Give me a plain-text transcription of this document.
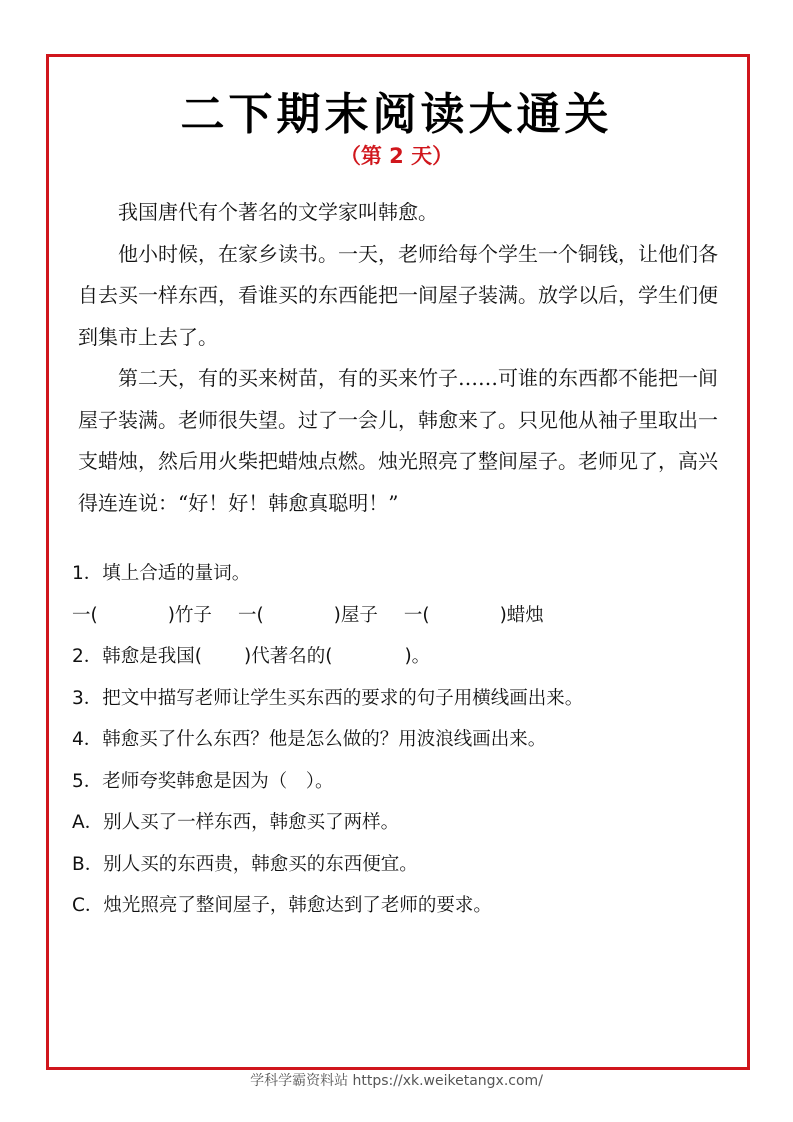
二下期末阅读大通关
（第 2 天）

我国唐代有个著名的文学家叫韩愈。

他小时候，在家乡读书。一天，老师给每个学生一个铜钱，让他们各自去买一样东西，看谁买的东西能把一间屋子装满。放学以后，学生们便到集市上去了。

第二天，有的买来树苗，有的买来竹子……可谁的东西都不能把一间屋子装满。老师很失望。过了一会儿，韩愈来了。只见他从袖子里取出一支蜡烛，然后用火柴把蜡烛点燃。烛光照亮了整间屋子。老师见了，高兴得连连说：“好！好！韩愈真聪明！”

1．填上合适的量词。
一(	)竹子 一(	)屋子 一(	)蜡烛
2．韩愈是我国( )代著名的(	)。
3．把文中描写老师让学生买东西的要求的句子用横线画出来。
4．韩愈买了什么东西？他是怎么做的？用波浪线画出来。
5．老师夸奖韩愈是因为（　）。
A．别人买了一样东西，韩愈买了两样。
B．别人买的东西贵，韩愈买的东西便宜。
C．烛光照亮了整间屋子，韩愈达到了老师的要求。
学科学霸资料站 https://xk.weiketangx.com/
